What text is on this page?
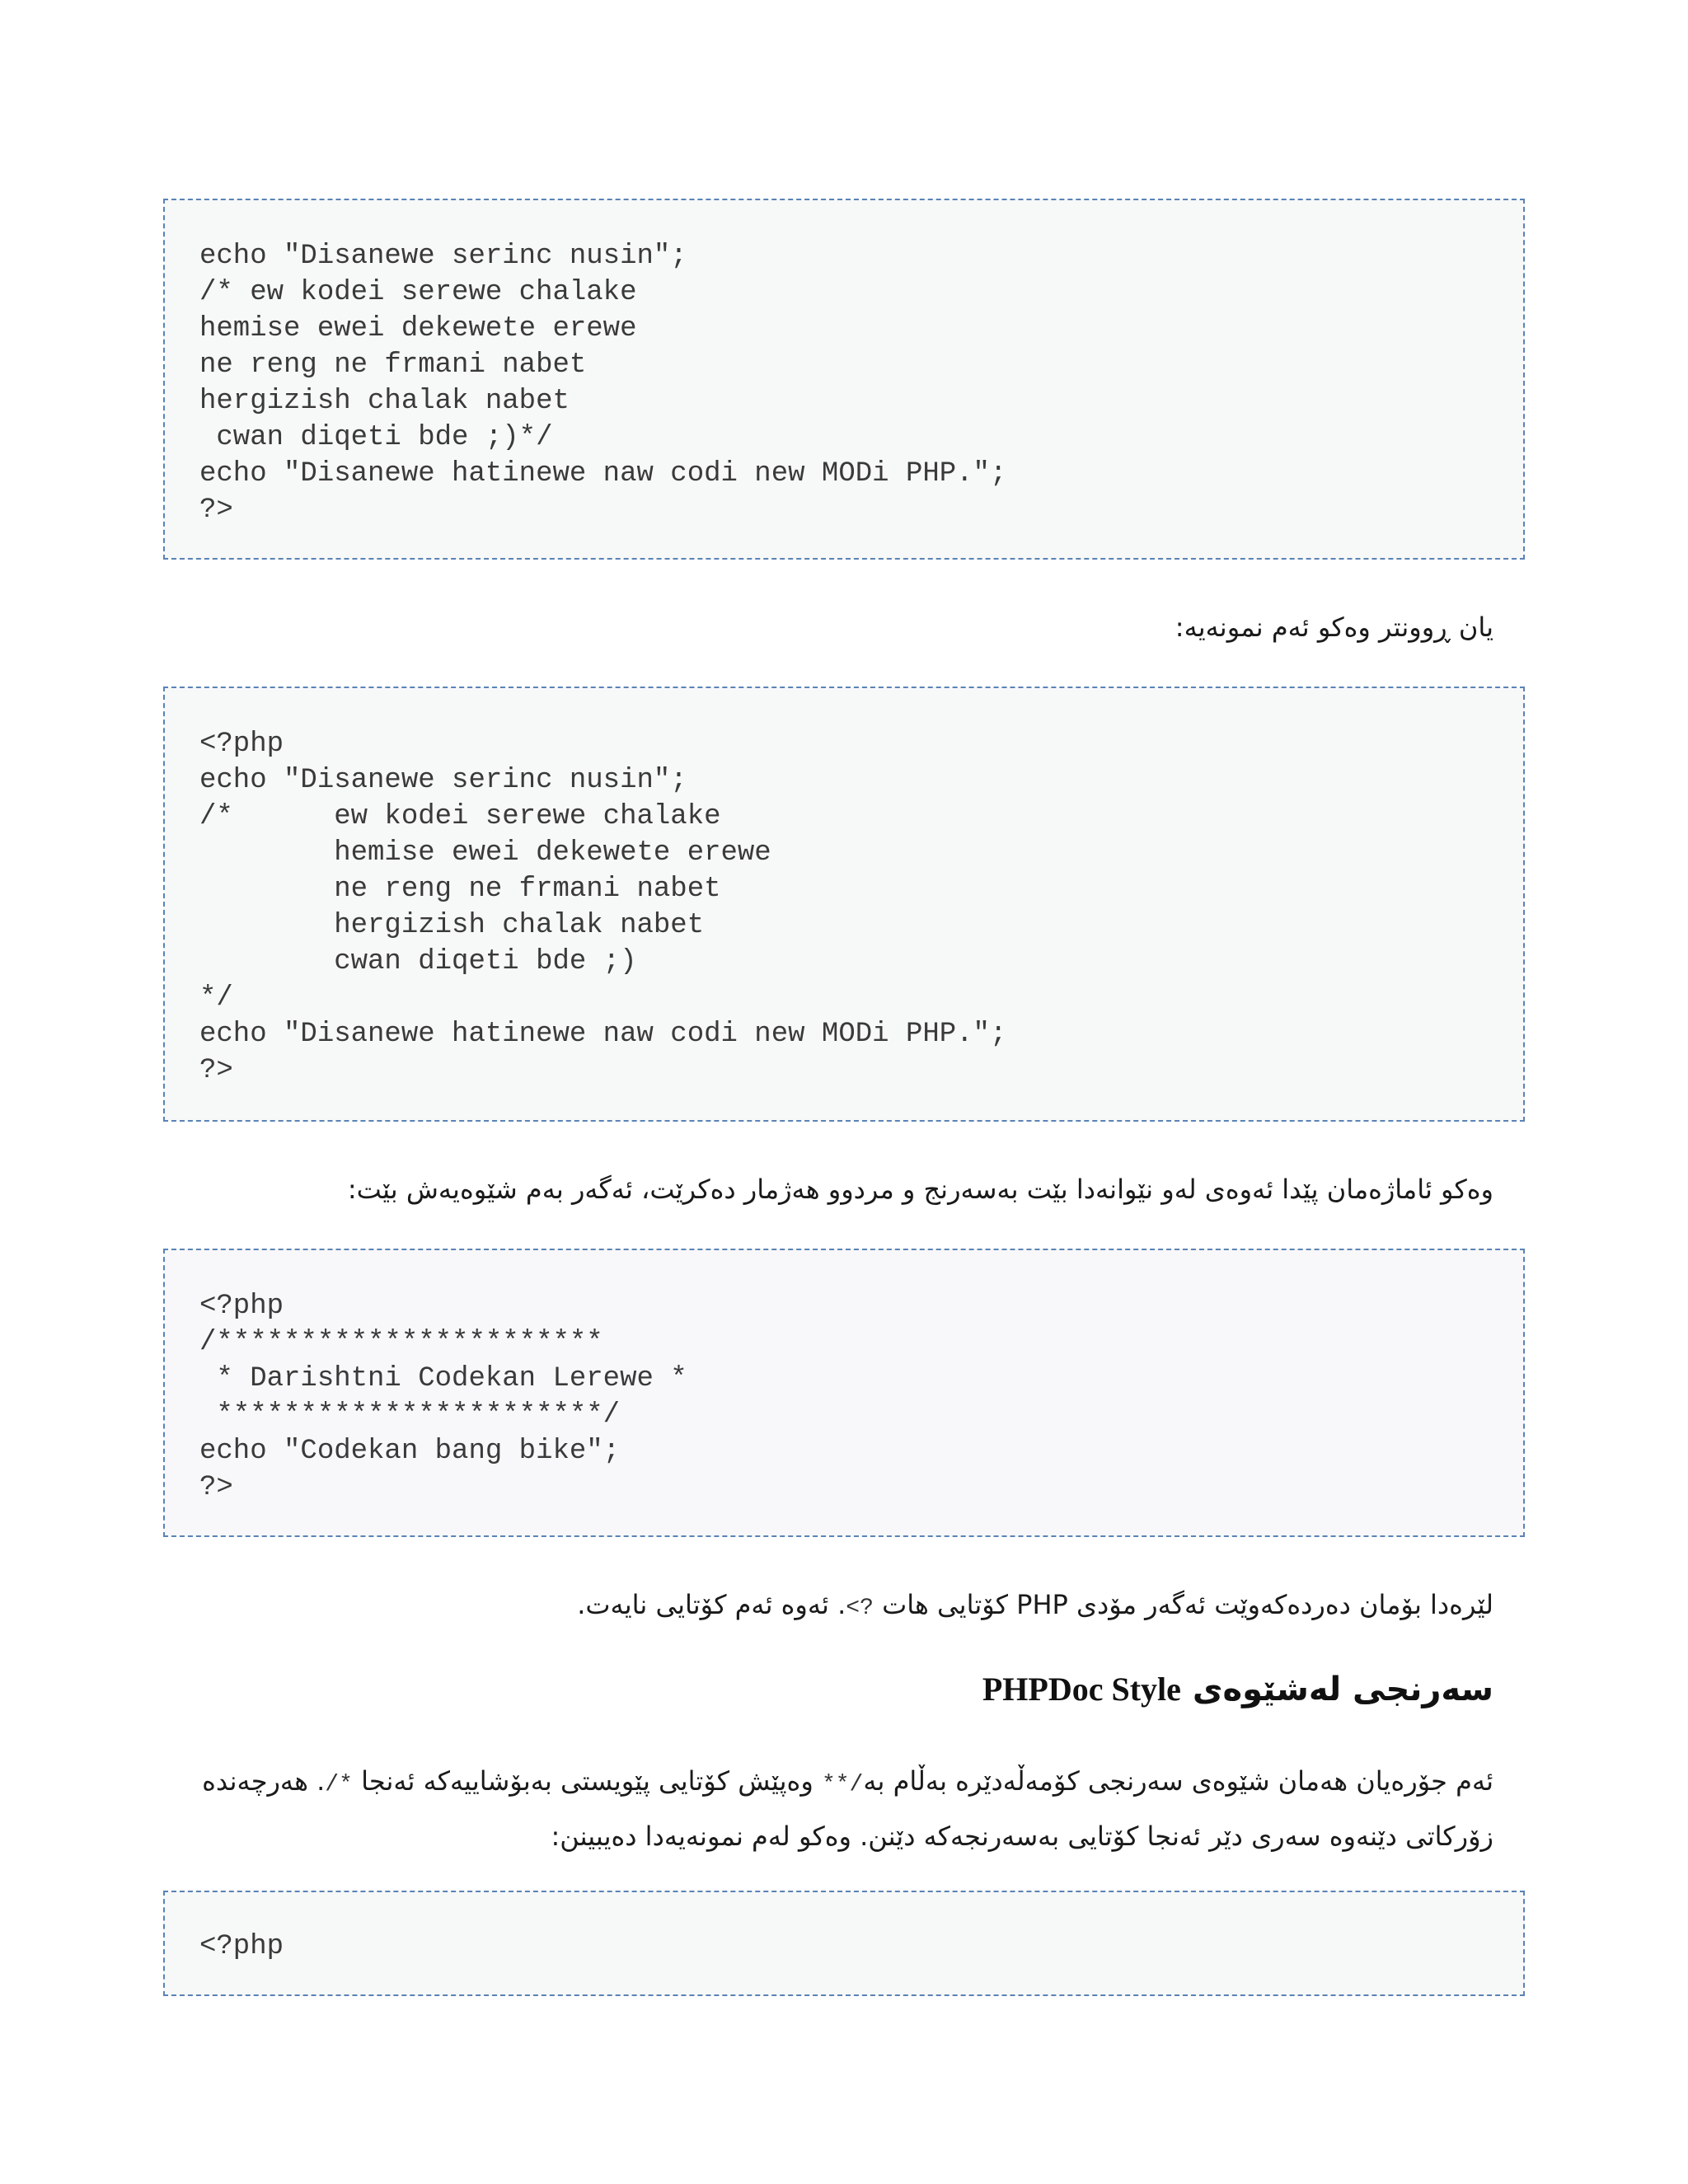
echo "Disanewe serinc nusin";
/* ew kodei serewe chalake
hemise ewei dekewete erewe
ne reng ne frmani nabet
hergizish chalak nabet
cwan diqeti bde ;)*/
echo "Disanewe hatinewe naw codi new MODi PHP.";
?>
یان ڕوونتر وەکو ئەم نمونەیە:
<?php
echo "Disanewe serinc nusin";
/*      ew kodei serewe chalake
hemise ewei dekewete erewe
ne reng ne frmani nabet
hergizish chalak nabet
cwan diqeti bde ;)
*/
echo "Disanewe hatinewe naw codi new MODi PHP.";
?>
وەکو ئاماژەمان پێدا ئەوەی لەو نێوانەدا بێت بەسەرنج و مردوو هەژمار دەکرێت، ئەگەر بەم شێوەیەش بێت:
<?php
/***********************
* Darishtni Codekan Lerewe *
***********************/
echo "Codekan bang bike";
?>
لێرەدا بۆمان دەردەکەوێت ئەگەر مۆدی PHP کۆتایی هات ?>. ئەوە ئەم کۆتایی نایەت.
سەرنجی لەشێوەی PHPDoc Style
ئەم جۆرەیان هەمان شێوەی سەرنجی کۆمەڵەدێرە بەڵام بە/** وەپێش کۆتایی پێویستی بەبۆشاییەکە ئەنجا */. هەرچەندە
زۆرکاتی دێنەوە سەری دێر ئەنجا کۆتایی بەسەرنجەکە دێنن. وەکو لەم نمونەیەدا دەیبینن:
<?php
